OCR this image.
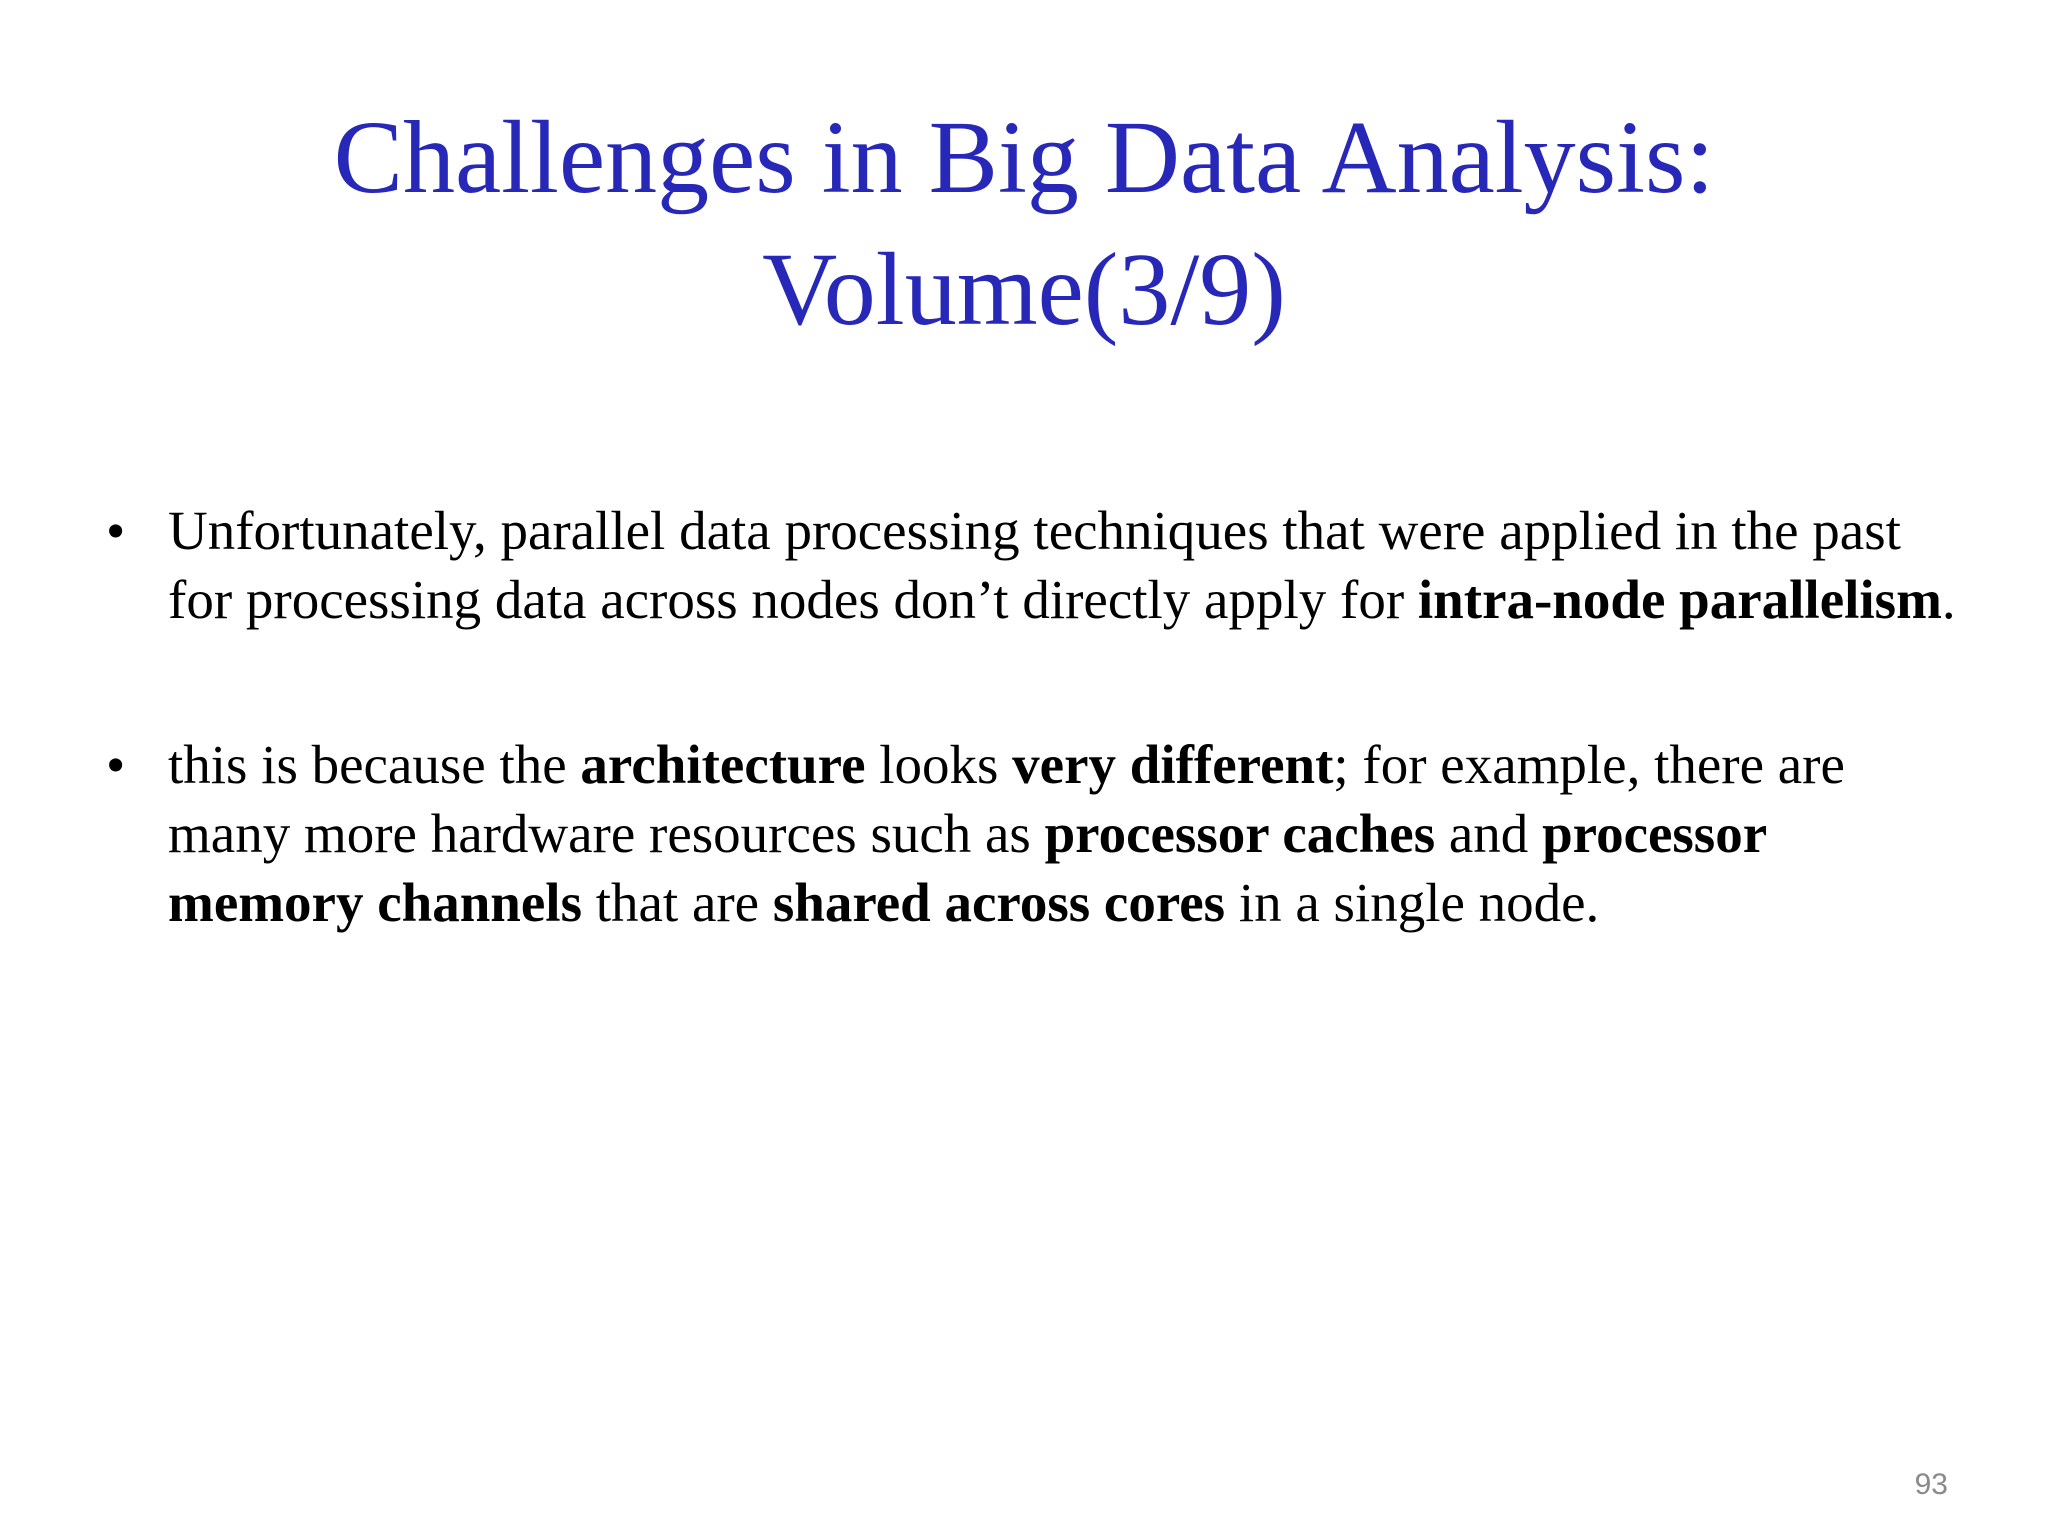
Challenges in Big Data Analysis:
Volume(3/9)
• Unfortunately, parallel data processing techniques that were applied in the past for processing data across nodes don’t directly apply for intra-node parallelism.
• this is because the architecture looks very different; for example, there are many more hardware resources such as processor caches and processor memory channels that are shared across cores in a single node.
93
